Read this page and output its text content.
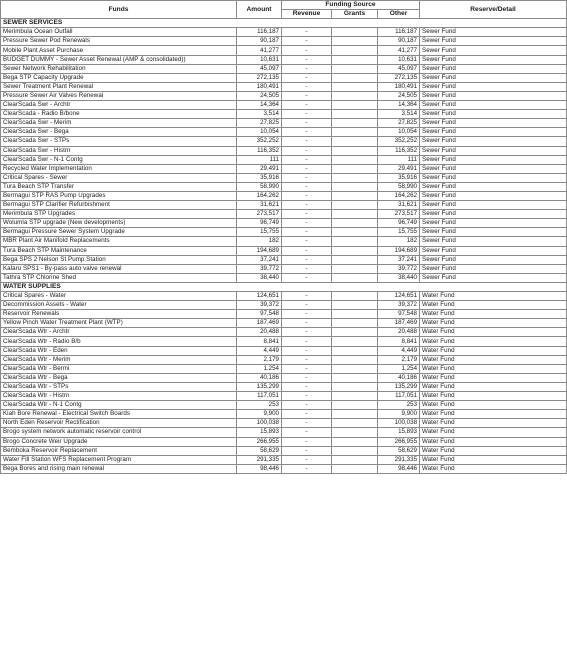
Funds	Amount	Funding Source			Reserve/Detail
		Revenue	Grants	Other	
SEWER SERVICES					
Merimbula Ocean Outfall	116,187	-		116,187	Sewer Fund
Pressure Sewer Pod Renewals	90,187	-		90,187	Sewer Fund
Mobile Plant Asset Purchase	41,277	-		41,277	Sewer Fund
BUDGET DUMMY - Sewer Asset Renewal (AMP & consolidated))	10,631	-		10,631	Sewer Fund
Sewer Network Rehabilitation	45,097	-		45,097	Sewer Fund
Bega STP Capacity Upgrade	272,135	-		272,135	Sewer Fund
Sewer Treatment Plant Renewal	180,491	-		180,491	Sewer Fund
Pressure Sewer Air Valves Renewal	24,505	-		24,505	Sewer Fund
ClearScada Swr - Archtr	14,364	-		14,364	Sewer Fund
ClearScada - Radio B/bone	3,514	-		3,514	Sewer Fund
ClearScada Swr - Merim	27,825	-		27,825	Sewer Fund
ClearScada Swr - Bega	10,054	-		10,054	Sewer Fund
ClearScada Swr - STPs	352,252	-		352,252	Sewer Fund
ClearScada Swr - Histrn	116,352	-		116,352	Sewer Fund
ClearScada Swr - N-1 Contg	111	-		111	Sewer Fund
Recycled Water Implementation	29,491	-		29,491	Sewer Fund
Critical Spares - Sewer	35,916	-		35,916	Sewer Fund
Tura Beach STP Transfer	58,990	-		58,990	Sewer Fund
Bermagui STP RAS Pump Upgrades	164,262	-		164,262	Sewer Fund
Bermagui STP Clarifier Refurbishment	31,621	-		31,621	Sewer Fund
Merimbula STP Upgrades	273,517	-		273,517	Sewer Fund
Wolumla STP upgrade (New developments)	96,749	-		96,749	Sewer Fund
Bermagui Pressure Sewer System Upgrade	15,755	-		15,755	Sewer Fund
MBR Plant Air Manifold Replacements	182	-		182	Sewer Fund
Tura Beach STP Maintenance	194,689	-		194,689	Sewer Fund
Bega SPS 2 Nelson St Pump Station	37,241	-		37,241	Sewer Fund
Kalaru SPS1 - By-pass auto valve renewal	39,772	-		39,772	Sewer Fund
Tathra STP Chlorine Shed	38,440	-		38,440	Sewer Fund
WATER SUPPLIES					
Critical Spares - Water	124,651	-		124,651	Water Fund
Decommission Assets - Water	39,372	-		39,372	Water Fund
Reservoir Renewals	97,548	-		97,548	Water Fund
Yellow Pinch Water Treatment Plant (WTP)	187,469	-		187,469	Water Fund
ClearScada Wtr - Archtr	20,488	-		20,488	Water Fund
ClearScada Wtr - Radio B/b	8,841	-		8,841	Water Fund
ClearScada Wtr - Eden	4,449	-		4,449	Water Fund
ClearScada Wtr - Merim	2,179	-		2,179	Water Fund
ClearScada Wtr - Bermi	1,254	-		1,254	Water Fund
ClearScada Wtr - Bega	40,186	-		40,186	Water Fund
ClearScada Wtr - STPs	135,299	-		135,299	Water Fund
ClearScada Wtr - Histrn	117,051	-		117,051	Water Fund
ClearScada Wtr - N-1 Contg	253	-		253	Water Fund
Kiah Bore Renewal - Electrical Switch Boards	9,900	-		9,900	Water Fund
North Eden Reservoir Rectification	100,038	-		100,038	Water Fund
Brogo system network automatic reservoir control	15,893	-		15,893	Water Fund
Brogo Concrete Weir Upgrade	266,955	-		266,955	Water Fund
Bemboka Reservoir Replacement	58,629	-		58,629	Water Fund
Water Fill Station WFS Replacement Program	291,335	-		291,335	Water Fund
Bega Bores and rising main renewal	98,446	-		98,446	Water Fund
